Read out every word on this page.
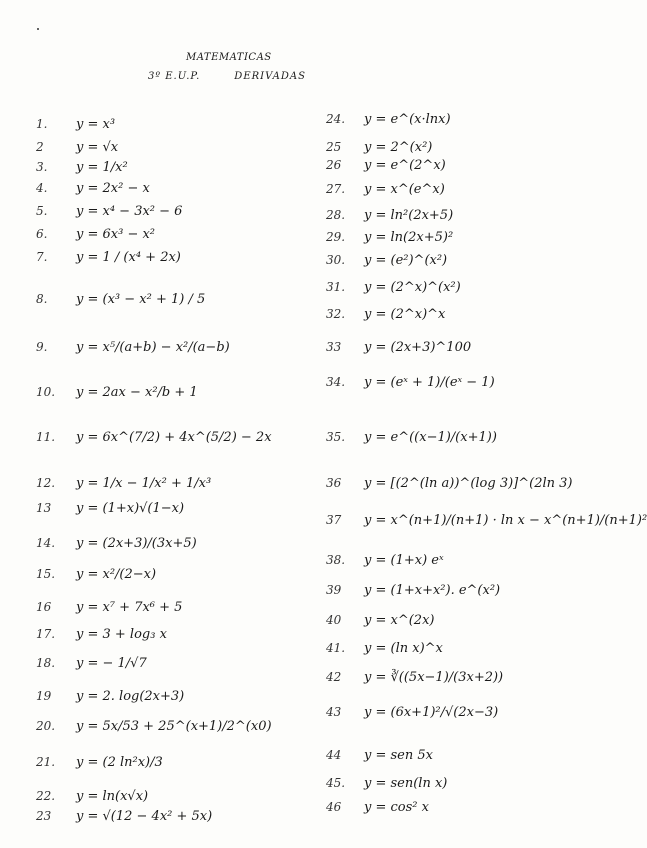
MATEMATICAS
3º E.U.P.	DERIVADAS
1. y = x³
2 y = √x
3. y = 1/x²
4. y = 2x² − x
5. y = x⁴ − 3x² − 6
6. y = 6x³ − x²
7. y = 1 / (x⁴ + 2x)
8. y = (x³ − x² + 1) / 5
9. y = x⁵/(a+b) − x²/(a−b)
10. y = 2ax − x²/b + 1
11. y = 6x^(7/2) + 4x^(5/2) − 2x
12. y = 1/x − 1/x² + 1/x³
13 y = (1+x)√(1−x)
14. y = (2x+3)/(3x+5)
15. y = x²/(2−x)
16 y = x⁷ + 7x⁶ + 5
17. y = 3 + log₃ x
18. y = − 1/√7
19 y = 2. log(2x+3)
20. y = 5x/53 + 25^(x+1)/2^(x0)
21. y = (2 ln²x)/3
22. y = ln(x√x)
23 y = √(12 − 4x² + 5x)
24. y = e^(x·lnx)
25 y = 2^(x²)
26 y = e^(2^x)
27. y = x^(e^x)
28. y = ln²(2x+5)
29. y = ln(2x+5)²
30. y = (e²)^(x²)
31. y = (2^x)^(x²)
32. y = (2^x)^x
33 y = (2x+3)^100
34. y = (eˣ + 1)/(eˣ − 1)
35. y = e^((x−1)/(x+1))
36 y = [(2^(ln a))^(log 3)]^(2ln 3)
37 y = x^(n+1)/(n+1) · ln x − x^(n+1)/(n+1)²
38. y = (1+x) eˣ
39 y = (1+x+x²). e^(x²)
40 y = x^(2x)
41. y = (ln x)^x
42 y = ∛((5x−1)/(3x+2))
43 y = (6x+1)²/√(2x−3)
44 y = sen 5x
45. y = sen(ln x)
46 y = cos² x
